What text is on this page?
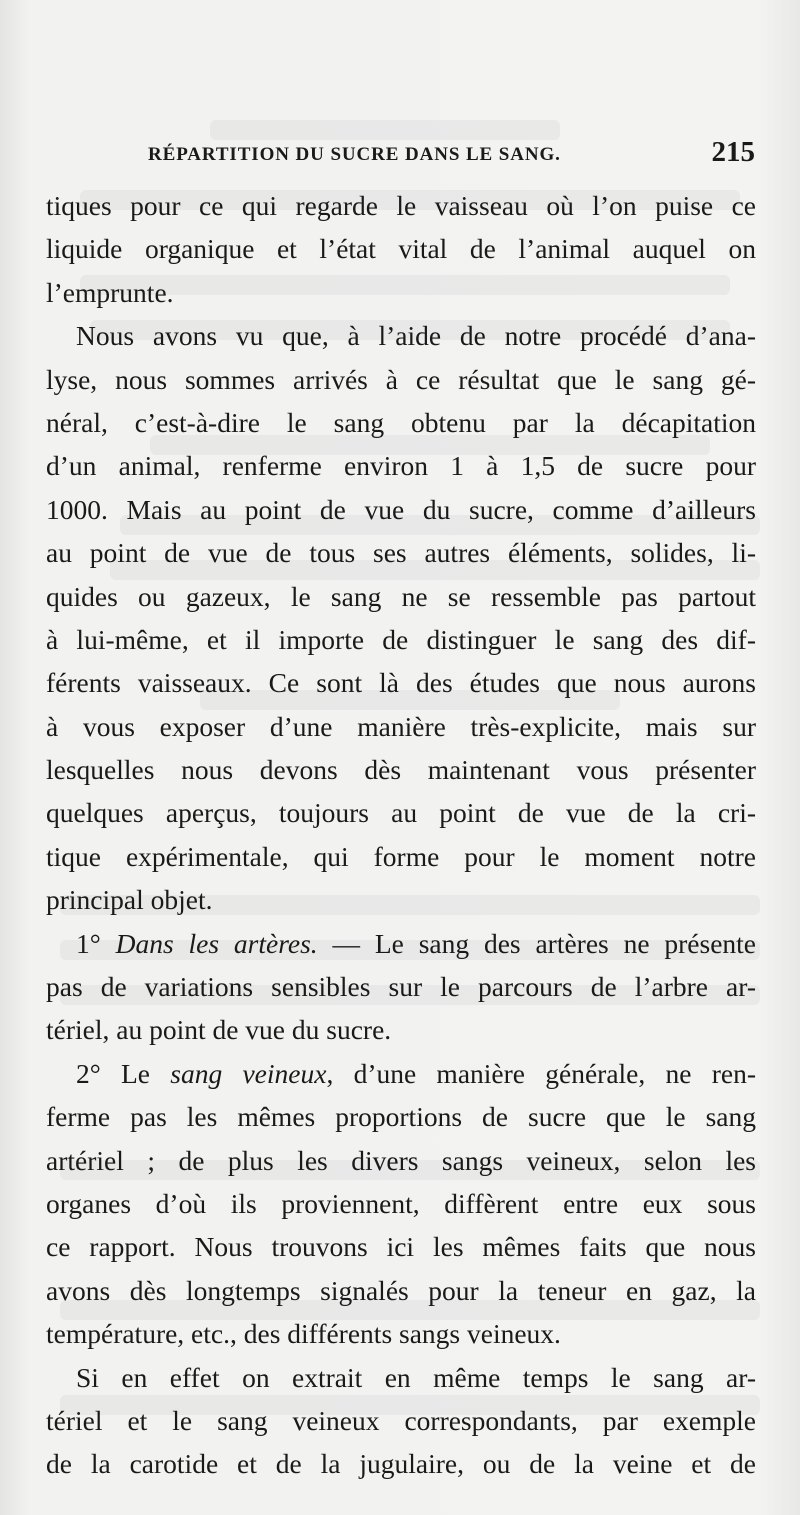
RÉPARTITION DU SUCRE DANS LE SANG.	215
tiques pour ce qui regarde le vaisseau où l’on puise ce
liquide organique et l’état vital de l’animal auquel on
l’emprunte.
Nous avons vu que, à l’aide de notre procédé d’ana-
lyse, nous sommes arrivés à ce résultat que le sang gé-
néral, c’est-à-dire le sang obtenu par la décapitation
d’un animal, renferme environ 1 à 1,5 de sucre pour
1000. Mais au point de vue du sucre, comme d’ailleurs
au point de vue de tous ses autres éléments, solides, li-
quides ou gazeux, le sang ne se ressemble pas partout
à lui-même, et il importe de distinguer le sang des dif-
férents vaisseaux. Ce sont là des études que nous aurons
à vous exposer d’une manière très-explicite, mais sur
lesquelles nous devons dès maintenant vous présenter
quelques aperçus, toujours au point de vue de la cri-
tique expérimentale, qui forme pour le moment notre
principal objet.
1° Dans les artères. — Le sang des artères ne présente
pas de variations sensibles sur le parcours de l’arbre ar-
tériel, au point de vue du sucre.
2° Le sang veineux, d’une manière générale, ne ren-
ferme pas les mêmes proportions de sucre que le sang
artériel ; de plus les divers sangs veineux, selon les
organes d’où ils proviennent, diffèrent entre eux sous
ce rapport. Nous trouvons ici les mêmes faits que nous
avons dès longtemps signalés pour la teneur en gaz, la
température, etc., des différents sangs veineux.
Si en effet on extrait en même temps le sang ar-
tériel et le sang veineux correspondants, par exemple
de la carotide et de la jugulaire, ou de la veine et de
